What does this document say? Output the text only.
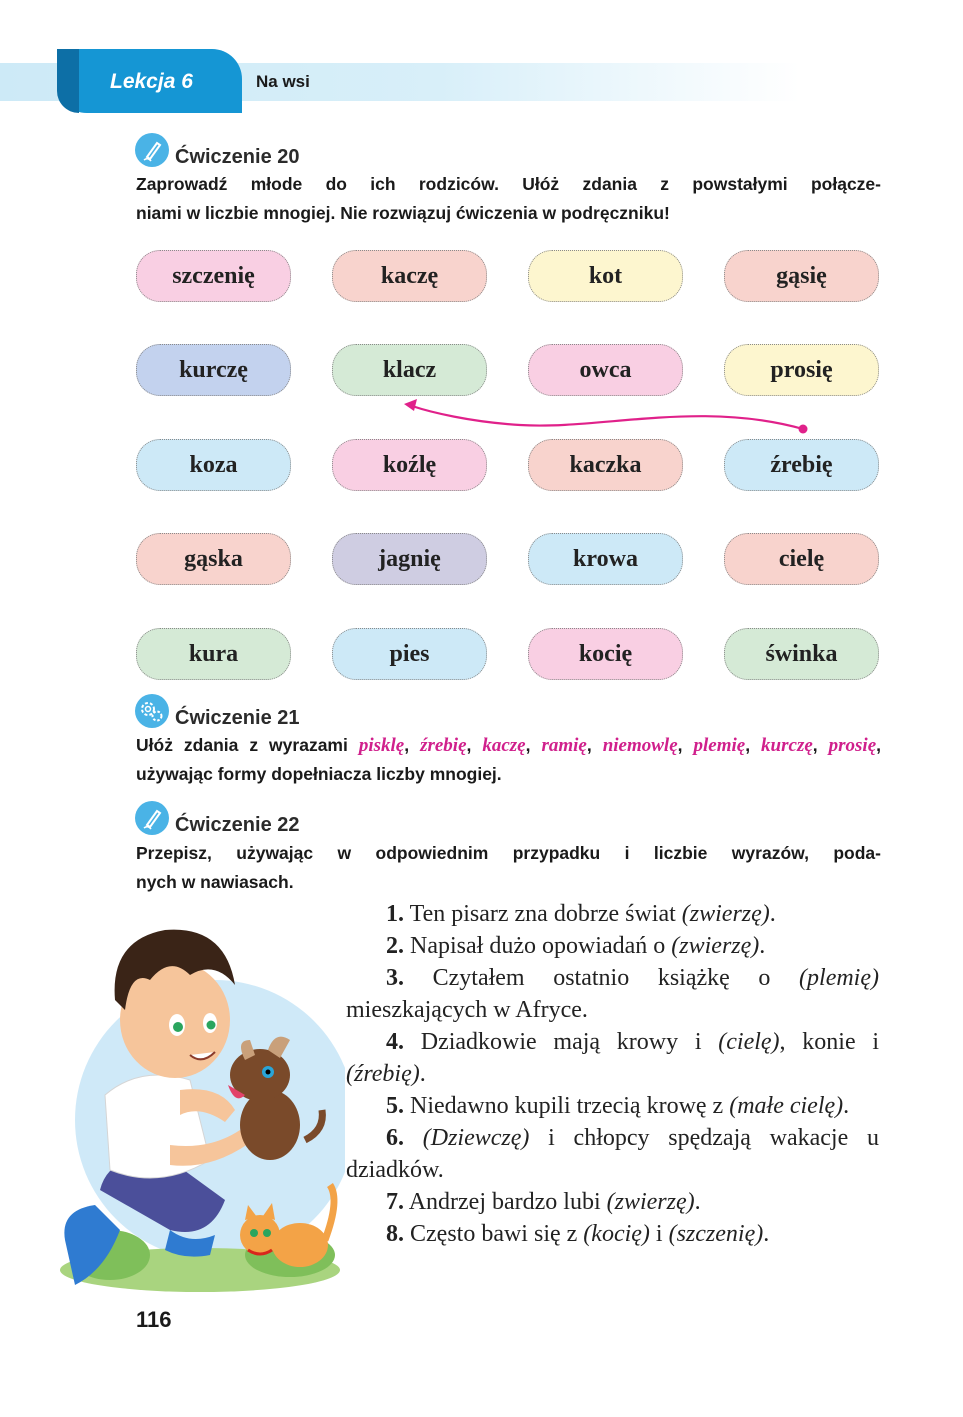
Lekcja 6	Na wsi
Ćwiczenie 20
Zaprowadź młode do ich rodziców. Ułóż zdania z powstałymi połącze-
niami w liczbie mnogiej. Nie rozwiązuj ćwiczenia w podręczniku!
szczenię	kaczę	kot	gąsię
kurczę	klacz	owca	prosię
koza	koźlę	kaczka	źrebię
gąska	jagnię	krowa	cielę
kura	pies	kocię	świnka
Ćwiczenie 21
Ułóż zdania z wyrazami pisklę, źrebię, kaczę, ramię, niemowlę, plemię, kurczę, prosię, używając formy dopełniacza liczby mnogiej.
Ćwiczenie 22
Przepisz, używając w odpowiednim przypadku i liczbie wyrazów, poda-
nych w nawiasach.

1. Ten pisarz zna dobrze świat (zwierzę).

2. Napisał dużo opowiadań o (zwierzę).

3. Czytałem ostatnio książkę o (plemię) mieszkających w Afryce.

4. Dziadkowie mają krowy i (cielę), konie i (źrebię).

5. Niedawno kupili trzecią krowę z (małe cielę).

6. (Dziewczę) i chłopcy spędzają wakacje u dziadków.

7. Andrzej bardzo lubi (zwierzę).

8. Często bawi się z (kocię) i (szczenię).

116
